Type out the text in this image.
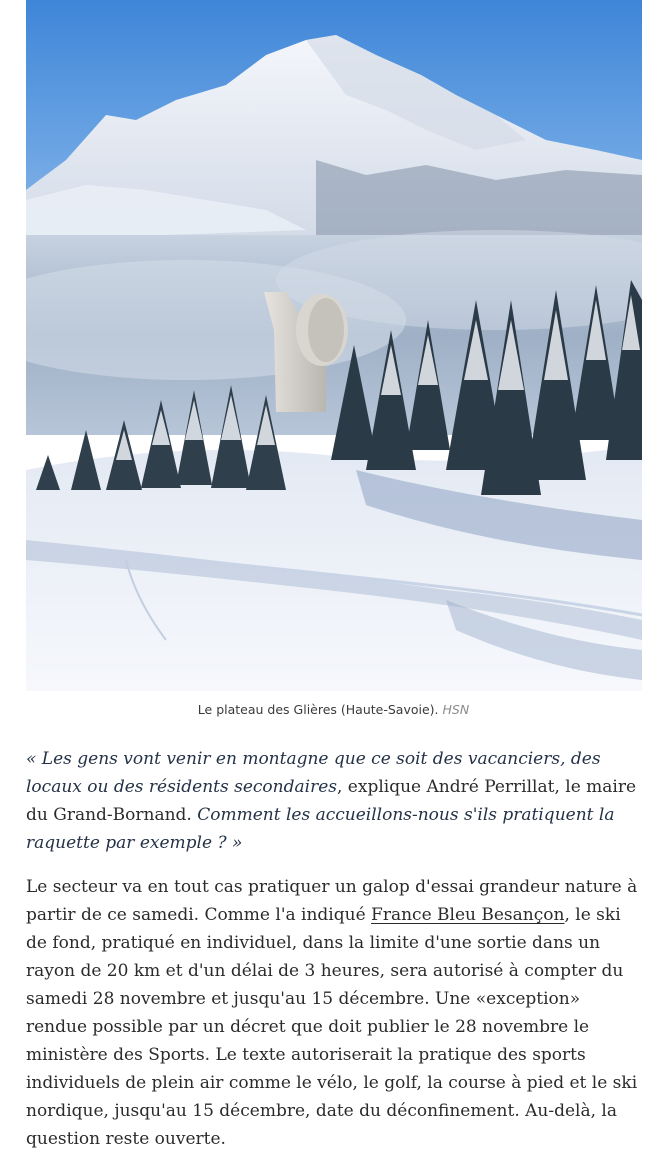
Le plateau des Glières (Haute-Savoie). HSN

« Les gens vont venir en montagne que ce soit des vacanciers, des locaux ou des résidents secondaires, explique André Perrillat, le maire du Grand-Bornand. Comment les accueillons-nous s'ils pratiquent la raquette par exemple ? »

Le secteur va en tout cas pratiquer un galop d'essai grandeur nature à partir de ce samedi. Comme l'a indiqué France Bleu Besançon, le ski de fond, pratiqué en individuel, dans la limite d'une sortie dans un rayon de 20 km et d'un délai de 3 heures, sera autorisé à compter du samedi 28 novembre et jusqu'au 15 décembre. Une «exception» rendue possible par un décret que doit publier le 28 novembre le ministère des Sports. Le texte autoriserait la pratique des sports individuels de plein air comme le vélo, le golf, la course à pied et le ski nordique, jusqu'au 15 décembre, date du déconfinement. Au-delà, la question reste ouverte.
